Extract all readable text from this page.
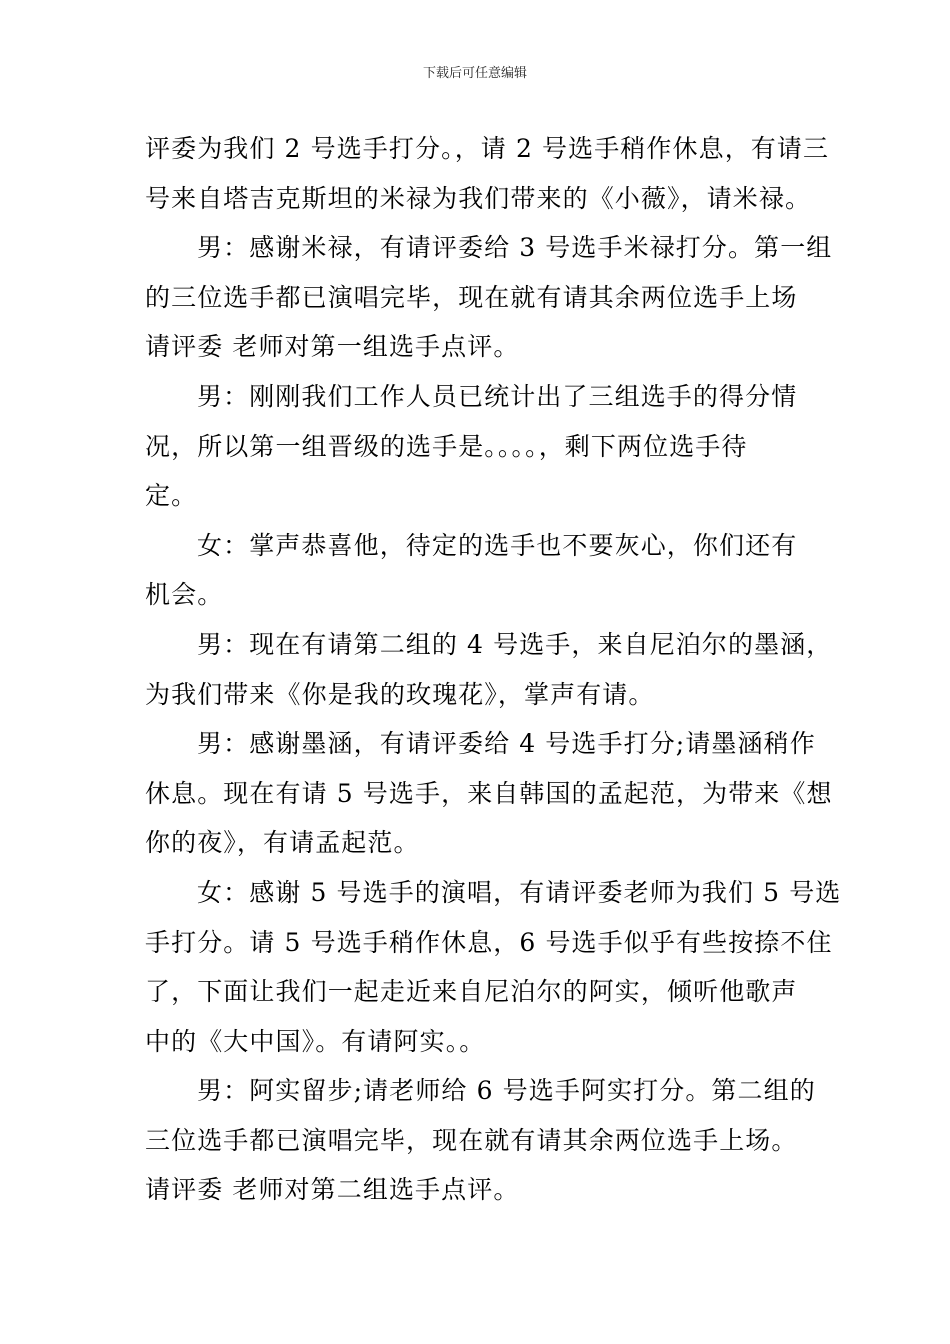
下载后可任意编辑

评委为我们 2 号选手打分。，请 2 号选手稍作休息，有请三
号来自塔吉克斯坦的米禄为我们带来的《小薇》，请米禄。

男：感谢米禄，有请评委给 3 号选手米禄打分。第一组
的三位选手都已演唱完毕，现在就有请其余两位选手上场
请评委 老师对第一组选手点评。

男：刚刚我们工作人员已统计出了三组选手的得分情
况，所以第一组晋级的选手是。。。。，剩下两位选手待
定。

女：掌声恭喜他，待定的选手也不要灰心，你们还有
机会。

男：现在有请第二组的 4 号选手，来自尼泊尔的墨涵，
为我们带来《你是我的玫瑰花》，掌声有请。

男：感谢墨涵，有请评委给 4 号选手打分;请墨涵稍作
休息。现在有请 5 号选手，来自韩国的孟起范，为带来《想
你的夜》，有请孟起范。

女：感谢 5 号选手的演唱，有请评委老师为我们 5 号选
手打分。请 5 号选手稍作休息，6 号选手似乎有些按捺不住
了，下面让我们一起走近来自尼泊尔的阿实，倾听他歌声
中的《大中国》。有请阿实。。

男：阿实留步;请老师给 6 号选手阿实打分。第二组的
三位选手都已演唱完毕，现在就有请其余两位选手上场。
请评委 老师对第二组选手点评。
